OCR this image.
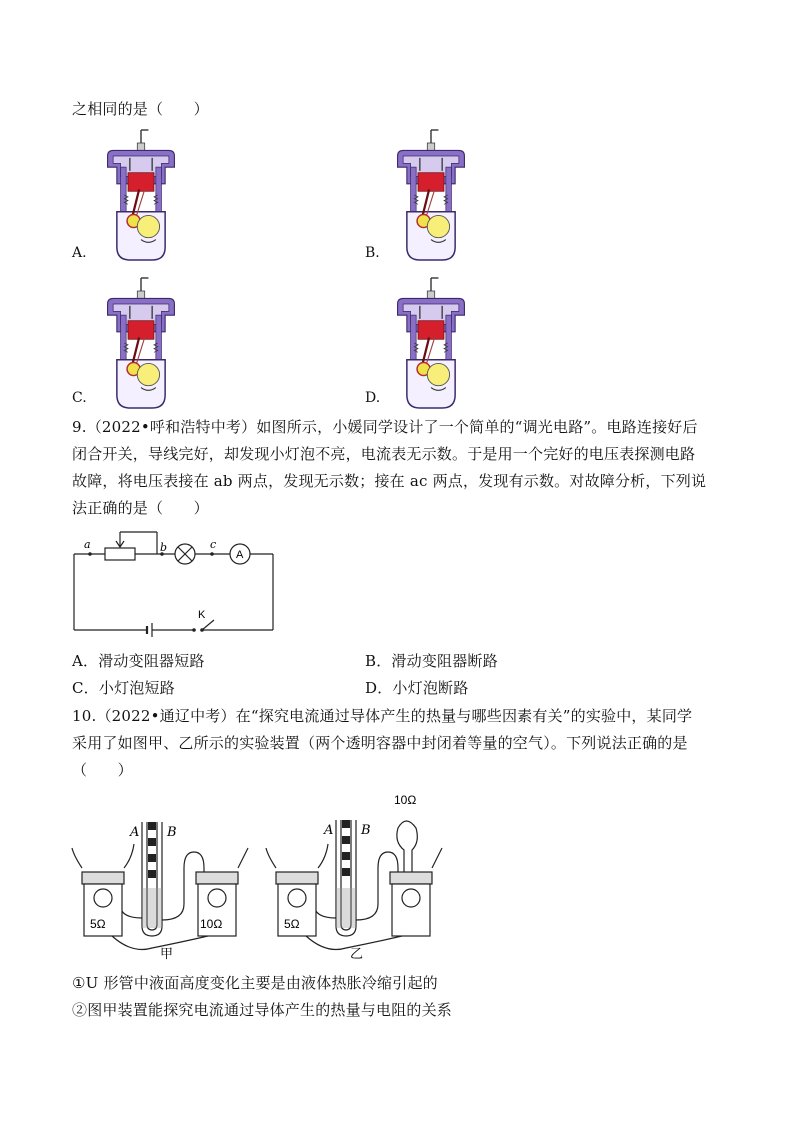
之相同的是（　　）
A.	B.
C.	D.
9.（2022•呼和浩特中考）如图所示，小媛同学设计了一个简单的“调光电路”。电路连接好后
闭合开关，导线完好，却发现小灯泡不亮，电流表无示数。于是用一个完好的电压表探测电路
故障，将电压表接在 ab 两点，发现无示数；接在 ac 两点，发现有示数。对故障分析，下列说
法正确的是（　　）
a	b	c
A
K
A．滑动变阻器短路	B．滑动变阻器断路
C．小灯泡短路	D．小灯泡断路
10.（2022•通辽中考）在“探究电流通过导体产生的热量与哪些因素有关”的实验中，某同学
采用了如图甲、乙所示的实验装置（两个透明容器中封闭着等量的空气）。下列说法正确的是
（　　）
A B
5Ω	10Ω
甲
A B
10Ω
5Ω
乙
①U 形管中液面高度变化主要是由液体热胀冷缩引起的
②图甲装置能探究电流通过导体产生的热量与电阻的关系
